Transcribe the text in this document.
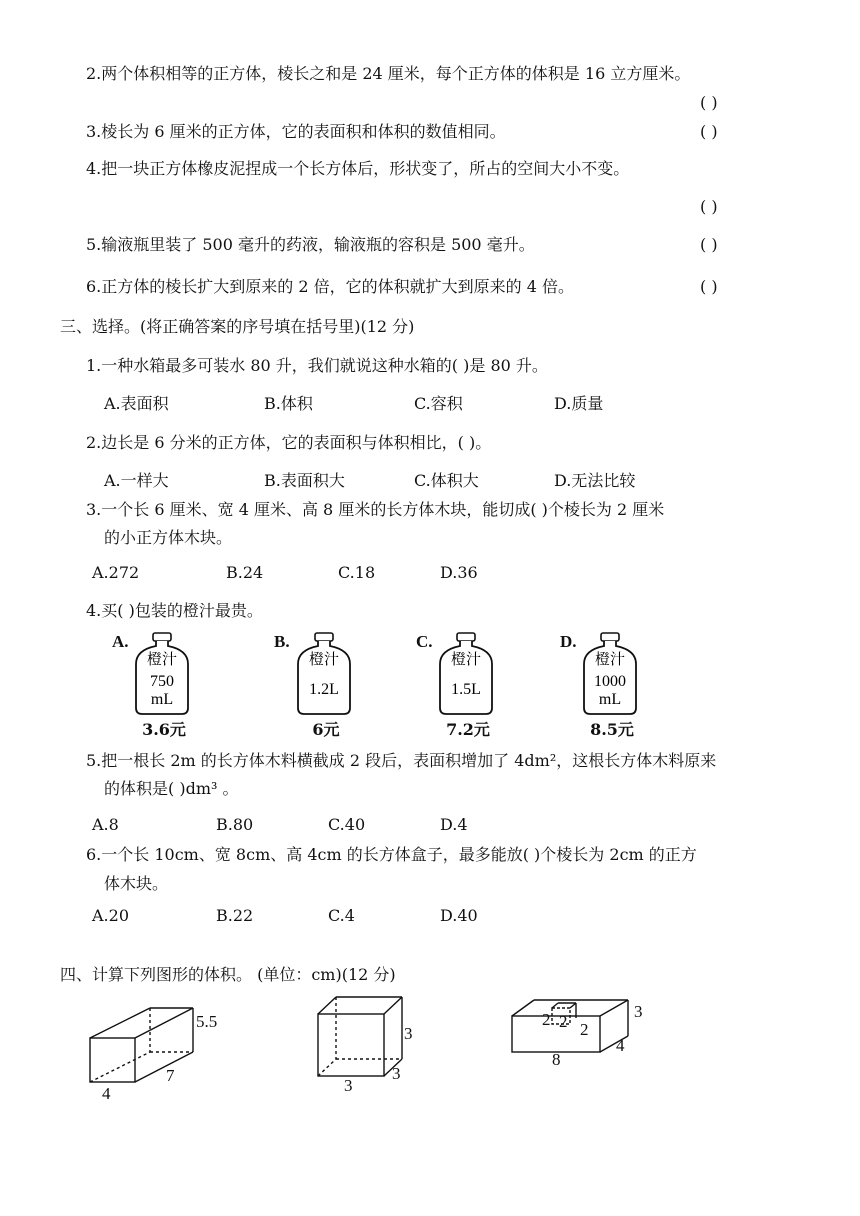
2.两个体积相等的正方体，棱长之和是 24 厘米，每个正方体的体积是 16 立方厘米。
( )
3.棱长为 6 厘米的正方体，它的表面积和体积的数值相同。	( )
4.把一块正方体橡皮泥捏成一个长方体后，形状变了，所占的空间大小不变。
( )
5.输液瓶里装了 500 毫升的药液，输液瓶的容积是 500 毫升。	( )
6.正方体的棱长扩大到原来的 2 倍，它的体积就扩大到原来的 4 倍。	( )
三、选择。(将正确答案的序号填在括号里)(12 分)
1.一种水箱最多可装水 80 升，我们就说这种水箱的( )是 80 升。
A.表面积	B.体积	C.容积	D.质量
2.边长是 6 分米的正方体，它的表面积与体积相比，( )。
A.一样大	B.表面积大	C.体积大	D.无法比较
3.一个长 6 厘米、宽 4 厘米、高 8 厘米的长方体木块，能切成( )个棱长为 2 厘米
的小正方体木块。
A.272	B.24	C.18	D.36
4.买( )包装的橙汁最贵。
A.
橙汁
750
mL
3.6元
B.
橙汁
1.2L
6元
C.
橙汁
1.5L
7.2元
D.
橙汁
1000
mL
8.5元
5.把一根长 2m 的长方体木料横截成 2 段后，表面积增加了 4dm²，这根长方体木料原来
的体积是( )dm³ 。
A.8	B.80	C.40	D.4
6.一个长 10cm、宽 8cm、高 4cm 的长方体盒子，最多能放( )个棱长为 2cm 的正方
体木块。
A.20	B.22	C.4	D.40
四、计算下列图形的体积。 (单位：cm)(12 分)
5.5
7
4
3
3
3
2 2 2
3
4
8
